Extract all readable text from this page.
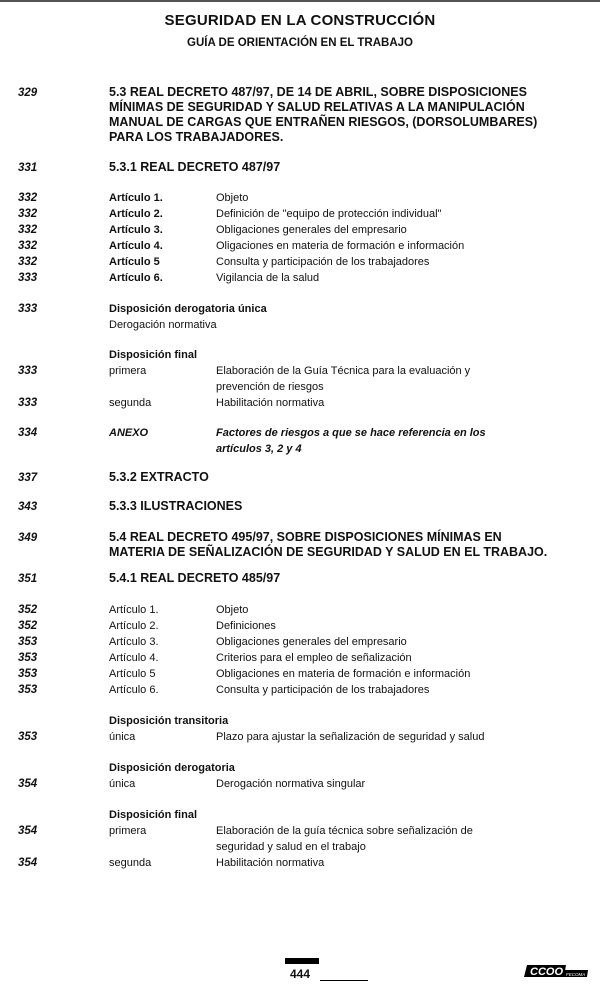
SEGURIDAD EN LA CONSTRUCCIÓN
GUÍA DE ORIENTACIÓN EN EL TRABAJO
329	5.3 REAL DECRETO 487/97, DE 14 DE ABRIL, SOBRE DISPOSICIONES
MÍNIMAS DE SEGURIDAD Y SALUD RELATIVAS A LA MANIPULACIÓN
MANUAL DE CARGAS QUE ENTRAÑEN RIESGOS, (DORSOLUMBARES)
PARA LOS TRABAJADORES.
331	5.3.1 REAL DECRETO 487/97
332	Artículo 1.	Objeto
332	Artículo 2.	Definición de "equipo de protección individual"
332	Artículo 3.	Obligaciones generales del empresario
332	Artículo 4.	Oligaciones en materia de formación e información
332	Artículo 5	Consulta y participación de los trabajadores
333	Artículo 6.	Vigilancia de la salud
333	Disposición derogatoria única
Derogación normativa
Disposición final
333	primera	Elaboración de la Guía Técnica para la evaluación y
prevención de riesgos
333	segunda	Habilitación normativa
334	ANEXO	Factores de riesgos a que se hace referencia en los
artículos 3, 2 y 4
337	5.3.2 EXTRACTO
343	5.3.3 ILUSTRACIONES
349	5.4 REAL DECRETO 495/97, SOBRE DISPOSICIONES MÍNIMAS EN
MATERIA DE SEÑALIZACIÓN DE SEGURIDAD Y SALUD EN EL TRABAJO.
351	5.4.1 REAL DECRETO 485/97
352	Artículo 1.	Objeto
352	Artículo 2.	Definiciones
353	Artículo 3.	Obligaciones generales del empresario
353	Artículo 4.	Criterios para el empleo de señalización
353	Artículo 5	Obligaciones en materia de formación e información
353	Artículo 6.	Consulta y participación de los trabajadores
Disposición transitoria
353	única	Plazo para ajustar la señalización de seguridad y salud
Disposición derogatoria
354	única	Derogación normativa singular
Disposición final
354	primera	Elaboración de la guía técnica sobre señalización de
seguridad y salud en el trabajo
354	segunda	Habilitación normativa
444	CCOO FECOMA
